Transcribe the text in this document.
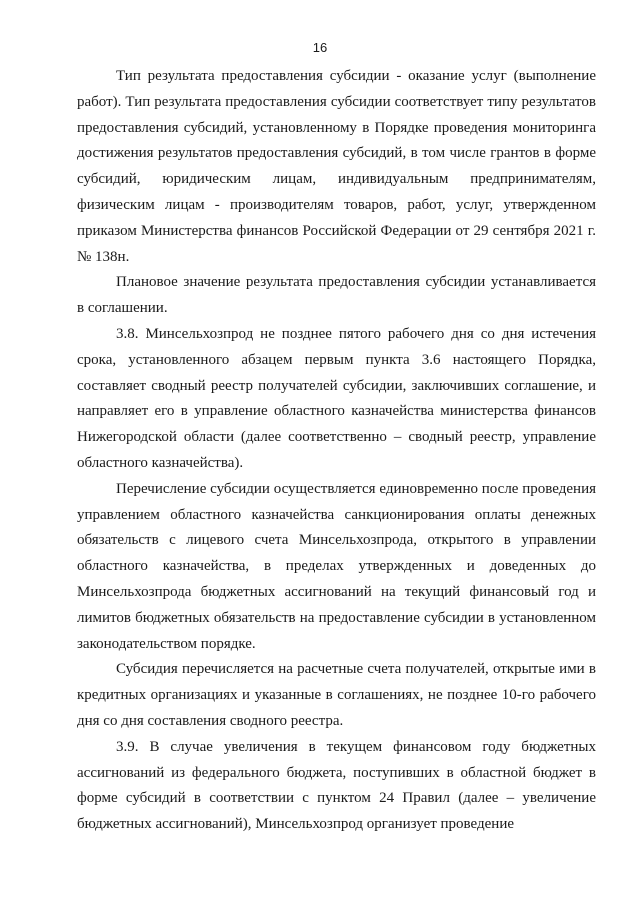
16

Тип результата предоставления субсидии - оказание услуг (выполнение работ). Тип результата предоставления субсидии соответствует типу результатов предоставления субсидий, установленному в Порядке проведения мониторинга достижения результатов предоставления субсидий, в том числе грантов в форме субсидий, юридическим лицам, индивидуальным предпринимателям, физическим лицам - производителям товаров, работ, услуг, утвержденном приказом Министерства финансов Российской Федерации от 29 сентября 2021 г. № 138н.

Плановое значение результата предоставления субсидии устанавливается в соглашении.

3.8. Минсельхозпрод не позднее пятого рабочего дня со дня истечения срока, установленного абзацем первым пункта 3.6 настоящего Порядка, составляет сводный реестр получателей субсидии, заключивших соглашение, и направляет его в управление областного казначейства министерства финансов Нижегородской области (далее соответственно – сводный реестр, управление областного казначейства).

Перечисление субсидии осуществляется единовременно после проведения управлением областного казначейства санкционирования оплаты денежных обязательств с лицевого счета Минсельхозпрода, открытого в управлении областного казначейства, в пределах утвержденных и доведенных до Минсельхозпрода бюджетных ассигнований на текущий финансовый год и лимитов бюджетных обязательств на предоставление субсидии в установленном законодательством порядке.

Субсидия перечисляется на расчетные счета получателей, открытые ими в кредитных организациях и указанные в соглашениях, не позднее 10-го рабочего дня со дня составления сводного реестра.

3.9. В случае увеличения в текущем финансовом году бюджетных ассигнований из федерального бюджета, поступивших в областной бюджет в форме субсидий в соответствии с пунктом 24 Правил (далее – увеличение бюджетных ассигнований), Минсельхозпрод организует проведение
